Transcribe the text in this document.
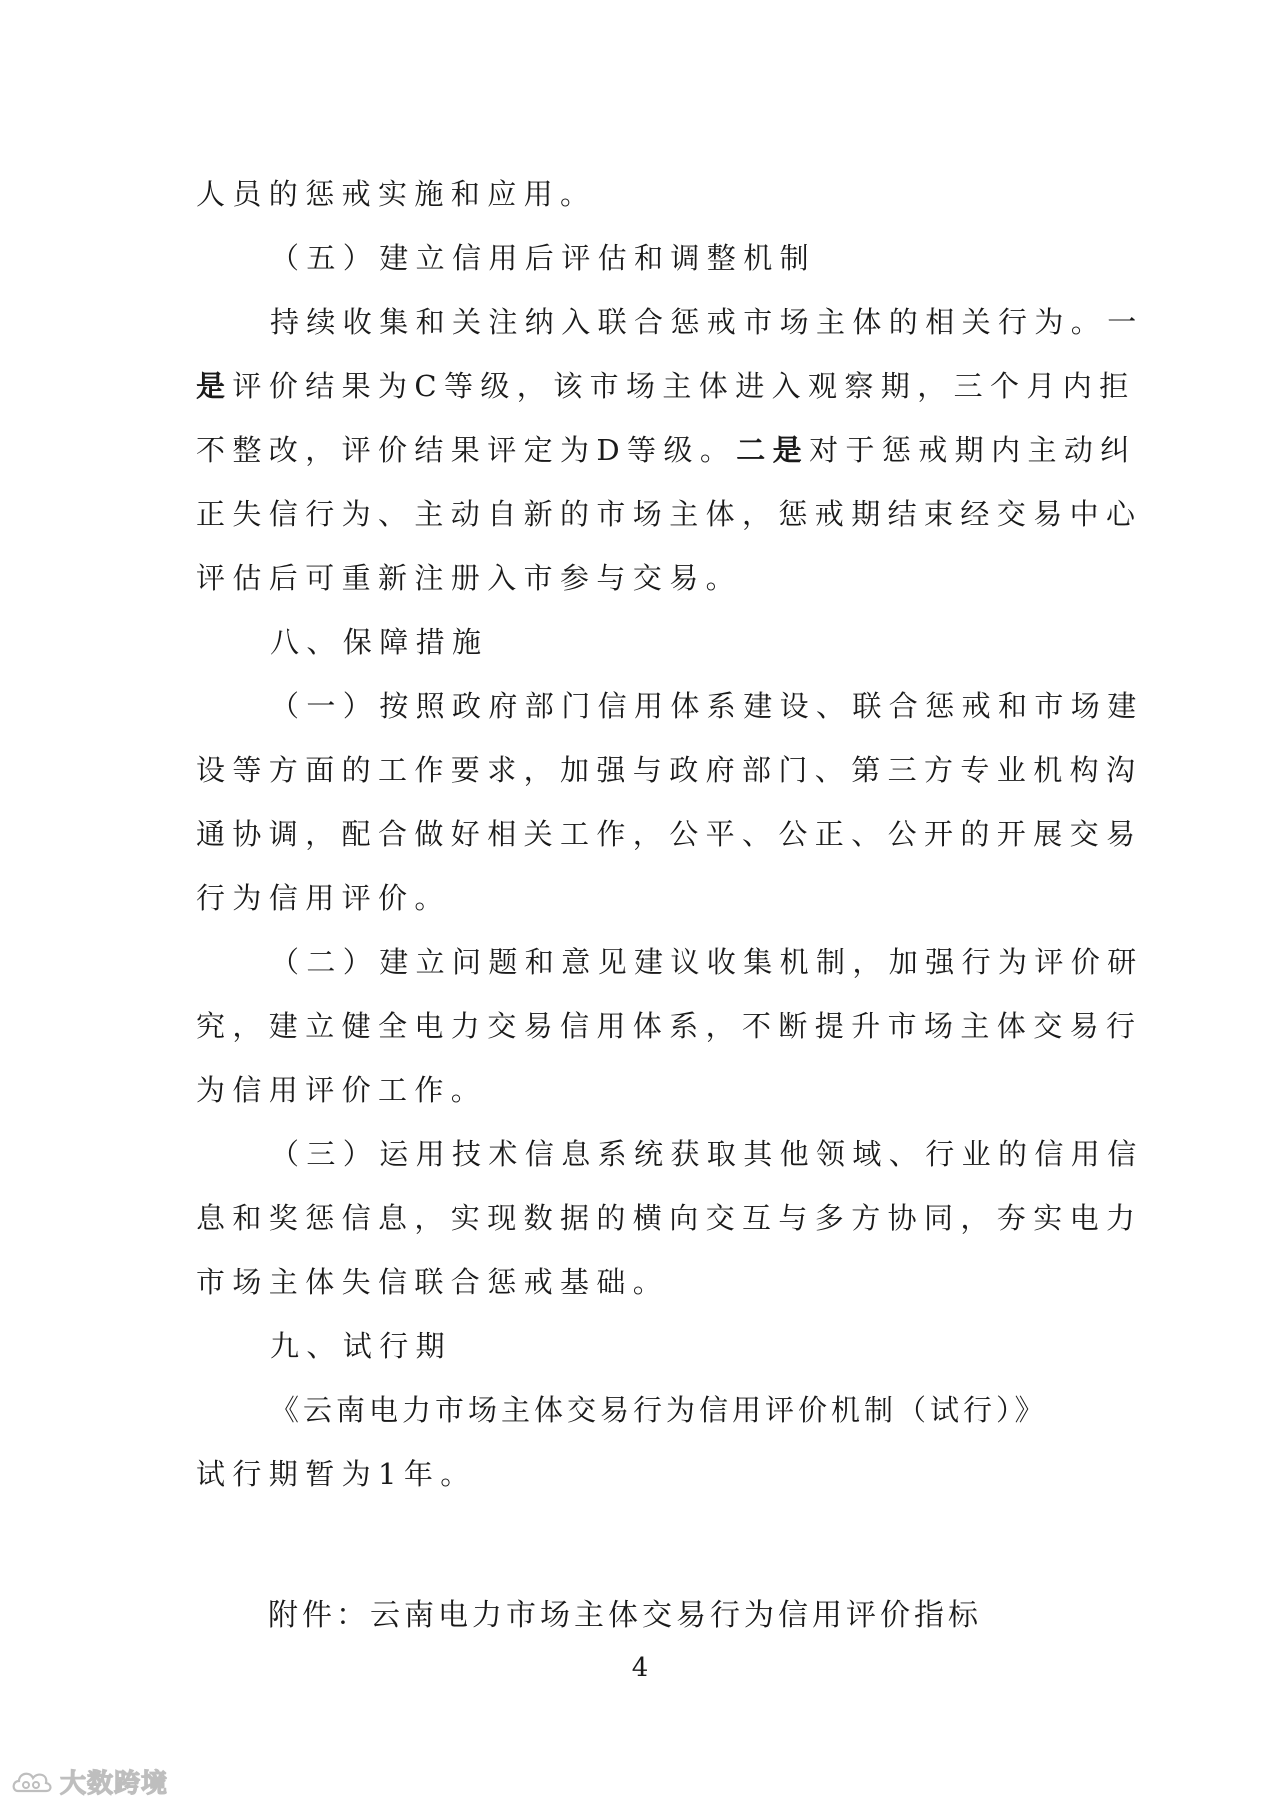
人员的惩戒实施和应用。

（五）建立信用后评估和调整机制

持续收集和关注纳入联合惩戒市场主体的相关行为。一

是评价结果为C等级，该市场主体进入观察期，三个月内拒

不整改，评价结果评定为D等级。二是对于惩戒期内主动纠

正失信行为、主动自新的市场主体，惩戒期结束经交易中心

评估后可重新注册入市参与交易。

八、保障措施

（一）按照政府部门信用体系建设、联合惩戒和市场建

设等方面的工作要求，加强与政府部门、第三方专业机构沟

通协调，配合做好相关工作，公平、公正、公开的开展交易

行为信用评价。

（二）建立问题和意见建议收集机制，加强行为评价研

究，建立健全电力交易信用体系，不断提升市场主体交易行

为信用评价工作。

（三）运用技术信息系统获取其他领域、行业的信用信

息和奖惩信息，实现数据的横向交互与多方协同，夯实电力

市场主体失信联合惩戒基础。

九、试行期

《云南电力市场主体交易行为信用评价机制（试行）》

试行期暂为1年。

附件：云南电力市场主体交易行为信用评价指标
4
大数跨境
